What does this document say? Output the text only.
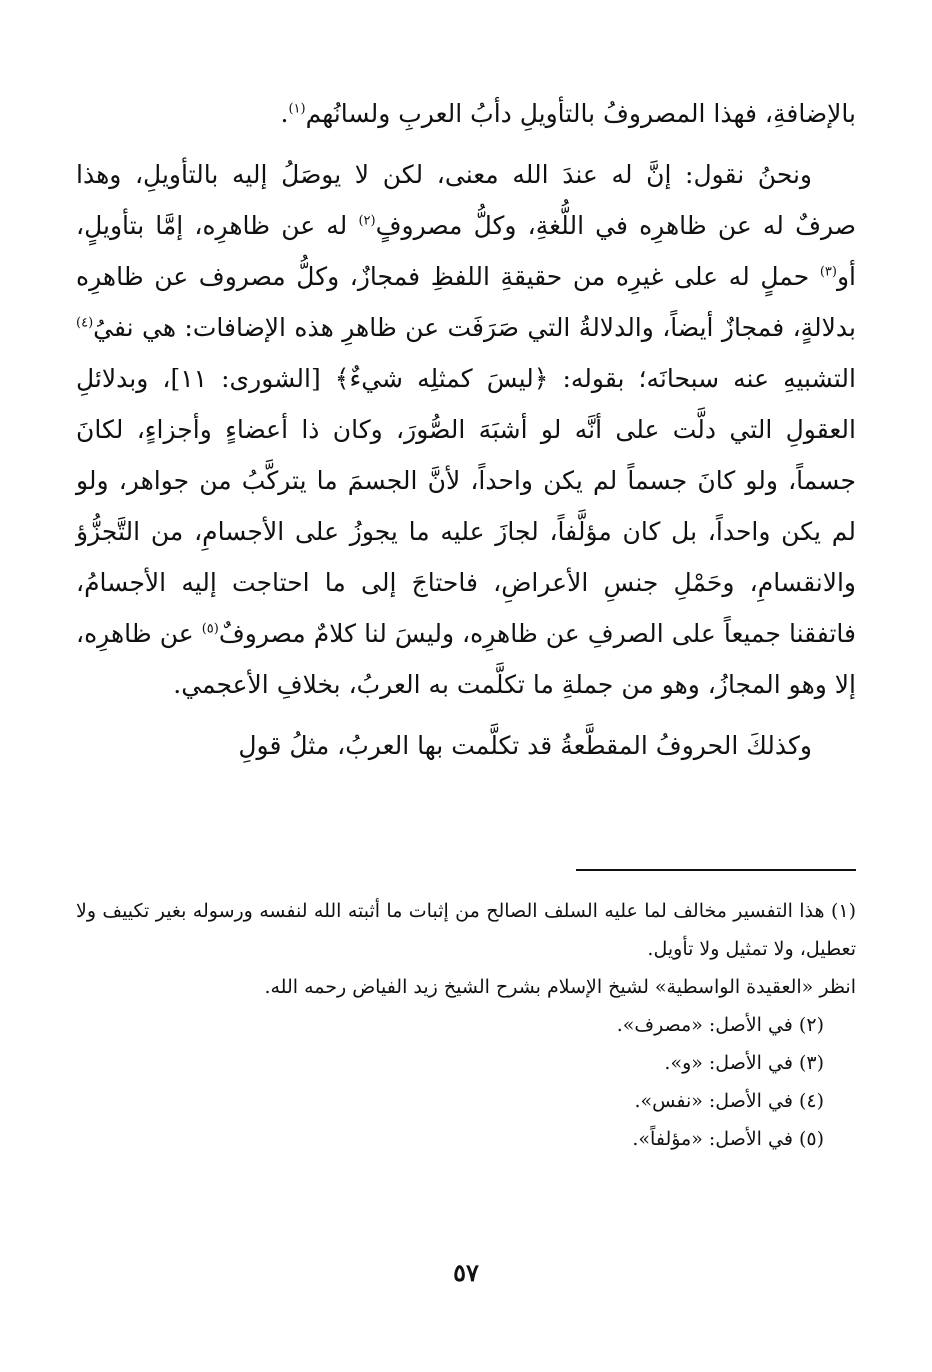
بالإضافةِ، فهذا المصروفُ بالتأويلِ دأبُ العربِ ولسانُهم$^{(١)}$.

ونحنُ نقول: إنَّ له عندَ الله معنى، لكن لا يوصَلُ إليه بالتأويلِ، وهذا صرفٌ له عن ظاهرِه في اللُّغةِ، وكلُّ مصروفٍ$^{(٢)}$ له عن ظاهرِه، إمَّا بتأويلٍ، أو$^{(٣)}$ حملٍ له على غيرِه من حقيقةِ اللفظِ فمجازٌ، وكلُّ مصروف عن ظاهرِه بدلالةٍ، فمجازٌ أيضاً، والدلالةُ التي صَرَفَت عن ظاهرِ هذه الإضافات: هي نفيُ$^{(٤)}$ التشبيهِ عنه سبحانَه؛ بقوله: ﴿ليسَ كمثلِه شيءٌ﴾ [الشورى: ١١]، وبدلائلِ العقولِ التي دلَّت على أنَّه لو أشبَهَ الصُّورَ، وكان ذا أعضاءٍ وأجزاءٍ، لكانَ جسماً، ولو كانَ جسماً لم يكن واحداً، لأنَّ الجسمَ ما يتركَّبُ من جواهر، ولو لم يكن واحداً، بل كان مؤلَّفاً، لجازَ عليه ما يجوزُ على الأجسامِ، من التَّجزُّؤ والانقسامِ، وحَمْلِ جنسِ الأعراضِ، فاحتاجَ إلى ما احتاجت إليه الأجسامُ، فاتفقنا جميعاً على الصرفِ عن ظاهرِه، وليسَ لنا كلامٌ مصروفٌ$^{(٥)}$ عن ظاهرِه، إلا وهو المجازُ، وهو من جملةِ ما تكلَّمت به العربُ، بخلافِ الأعجمي.

وكذلكَ الحروفُ المقطَّعةُ قد تكلَّمت بها العربُ، مثلُ قولِ

(١) هذا التفسير مخالف لما عليه السلف الصالح من إثبات ما أثبته الله لنفسه ورسوله بغير تكييف ولا تعطيل، ولا تمثيل ولا تأويل.

انظر «العقيدة الواسطية» لشيخ الإسلام بشرح الشيخ زيد الفياض رحمه الله.

(٢) في الأصل: «مصرف».

(٣) في الأصل: «و».

(٤) في الأصل: «نفس».

(٥) في الأصل: «مؤلفاً».

٥٧
